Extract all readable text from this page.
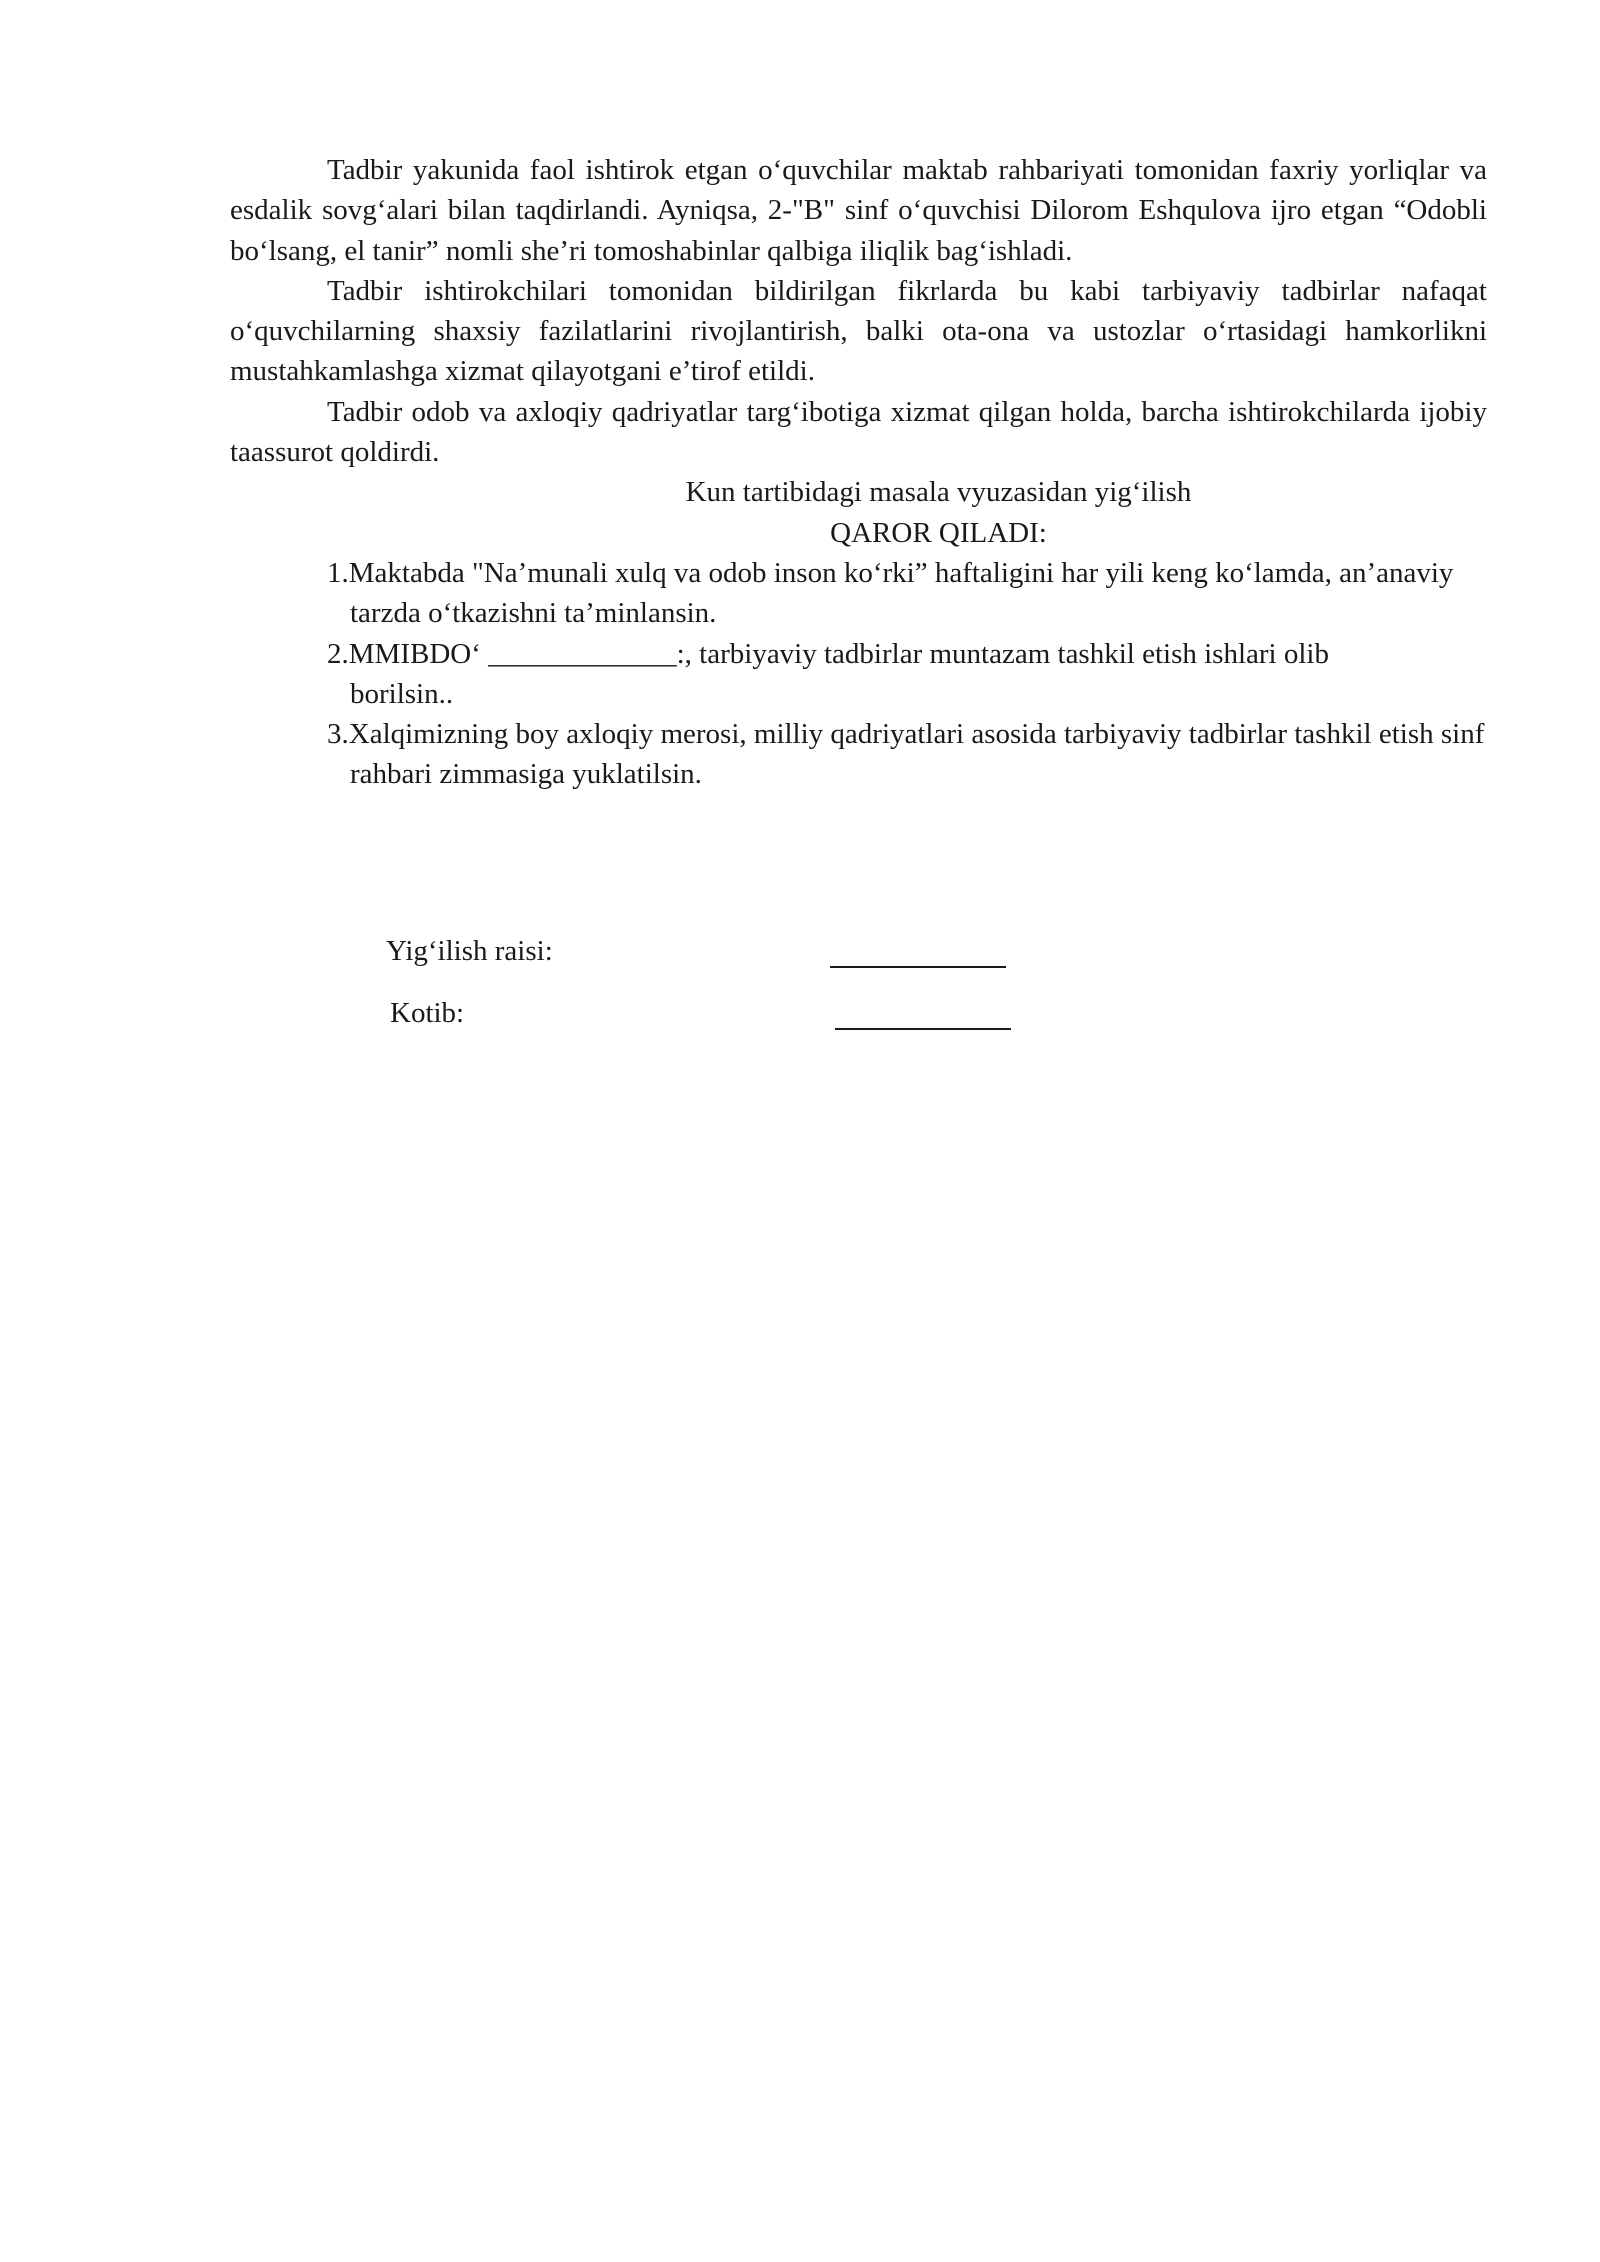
Tadbir yakunida faol ishtirok etgan o‘quvchilar maktab rahbariyati tomonidan faxriy yorliqlar va esdalik sovg‘alari bilan taqdirlandi. Ayniqsa, 2-"B" sinf o‘quvchisi Dilorom Eshqulova ijro etgan “Odobli bo‘lsang, el tanir” nomli she’ri tomoshabinlar qalbiga iliqlik bag‘ishladi.

Tadbir ishtirokchilari tomonidan bildirilgan fikrlarda bu kabi tarbiyaviy tadbirlar nafaqat o‘quvchilarning shaxsiy fazilatlarini rivojlantirish, balki ota-ona va ustozlar o‘rtasidagi hamkorlikni mustahkamlashga xizmat qilayotgani e’tirof etildi.

Tadbir odob va axloqiy qadriyatlar targ‘ibotiga xizmat qilgan holda, barcha ishtirokchilarda ijobiy taassurot qoldirdi.

Kun tartibidagi masala vyuzasidan yig‘ilish

QAROR QILADI:

1.Maktabda "Na’munali xulq va odob inson ko‘rki” haftaligini har yili keng ko‘lamda, an’anaviy tarzda o‘tkazishni ta’minlansin.

2.MMIBDO‘ _____________:, tarbiyaviy tadbirlar muntazam tashkil etish ishlari olib borilsin..

3.Xalqimizning boy axloqiy merosi, milliy qadriyatlari asosida tarbiyaviy tadbirlar tashkil etish sinf rahbari zimmasiga yuklatilsin.

Yig‘ilish raisi:
Kotib:
